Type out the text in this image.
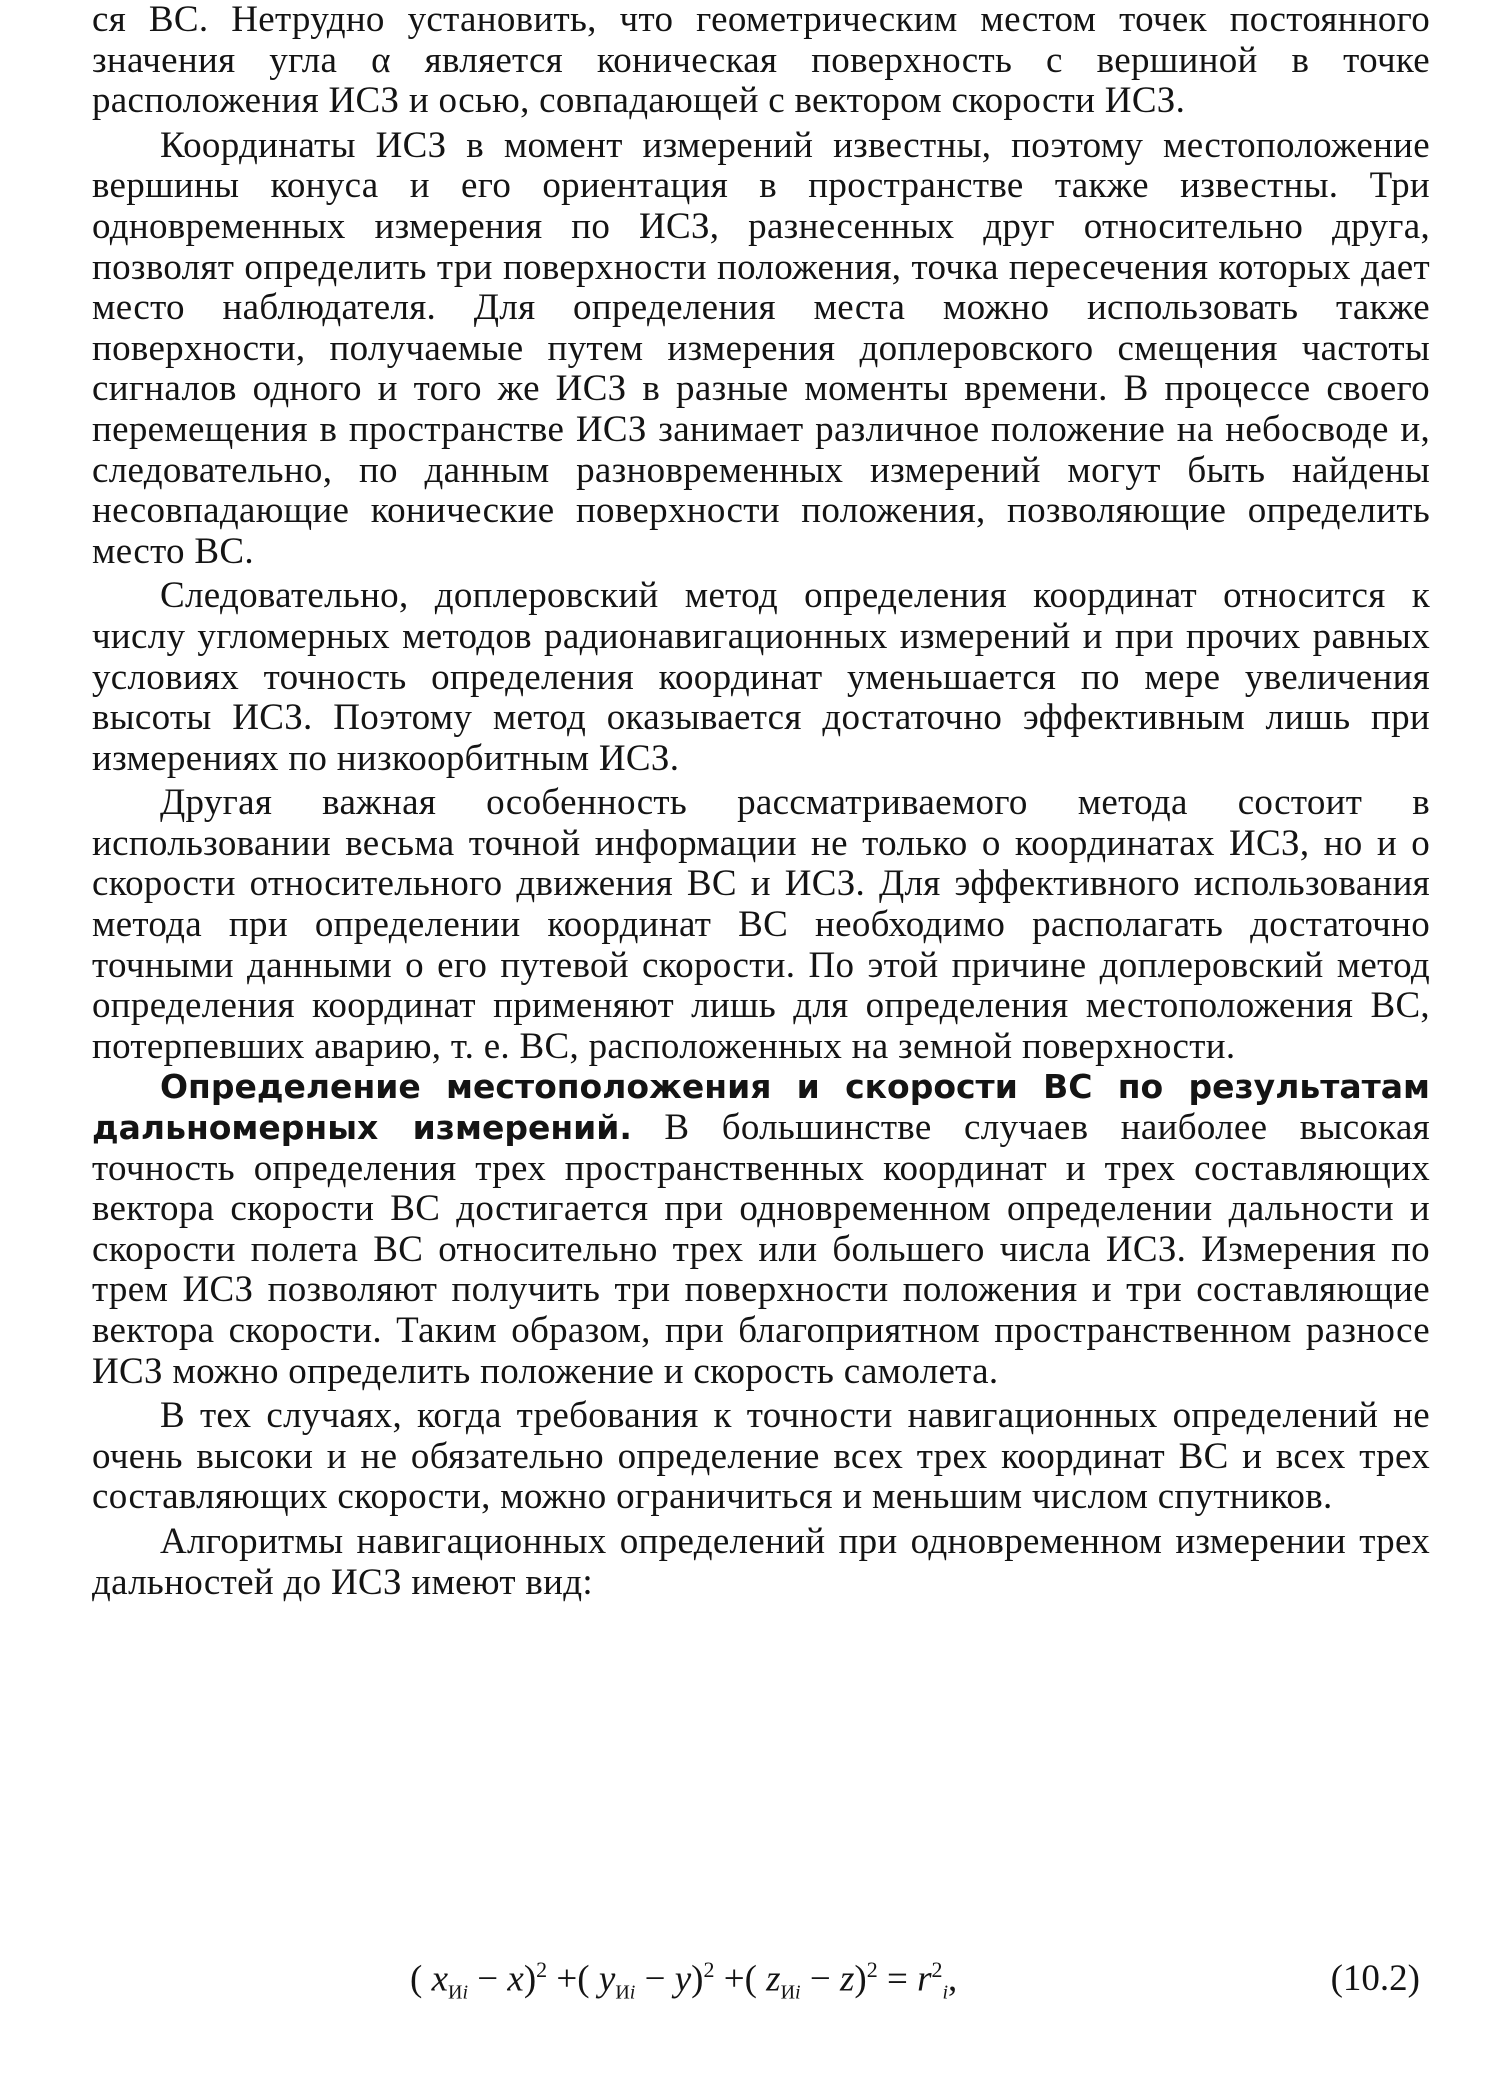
ся ВС. Нетрудно установить, что геометрическим местом точек постоянного значения угла α является коническая поверхность с вершиной в точке расположения ИСЗ и осью, совпадающей с вектором скорости ИСЗ.

Координаты ИСЗ в момент измерений известны, поэтому местоположение вершины конуса и его ориентация в пространстве также известны. Три одновременных измерения по ИСЗ, разнесенных друг относительно друга, позволят определить три поверхности положения, точка пересечения которых дает место наблюдателя. Для определения места можно использовать также поверхности, получаемые путем измерения доплеровского смещения частоты сигналов одного и того же ИСЗ в разные моменты времени. В процессе своего перемещения в пространстве ИСЗ занимает различное положение на небосводе и, следовательно, по данным разновременных измерений могут быть найдены несовпадающие конические поверхности положения, позволяющие определить место ВС.

Следовательно, доплеровский метод определения координат относится к числу угломерных методов радионавигационных измерений и при прочих равных условиях точность определения координат уменьшается по мере увеличения высоты ИСЗ. Поэтому метод оказывается достаточно эффективным лишь при измерениях по низкоорбитным ИСЗ.

Другая важная особенность рассматриваемого метода состоит в использовании весьма точной информации не только о координатах ИСЗ, но и о скорости относительного движения ВС и ИСЗ. Для эффективного использования метода при определении координат ВС необходимо располагать достаточно точными данными о его путевой скорости. По этой причине доплеровский метод определения координат применяют лишь для определения местоположения ВС, потерпевших аварию, т. е. ВС, расположенных на земной поверхности.

Определение местоположения и скорости ВС по результатам дальномерных измерений. В большинстве случаев наиболее высокая точность определения трех пространственных координат и трех составляющих вектора скорости ВС достигается при одновременном определении дальности и скорости полета ВС относительно трех или большего числа ИСЗ. Измерения по трем ИСЗ позволяют получить три поверхности положения и три составляющие вектора скорости. Таким образом, при благоприятном пространственном разносе ИСЗ можно определить положение и скорость самолета.

В тех случаях, когда требования к точности навигационных определений не очень высоки и не обязательно определение всех трех координат ВС и всех трех составляющих скорости, можно ограничиться и меньшим числом спутников.

Алгоритмы навигационных определений при одновременном измерении трех дальностей до ИСЗ имеют вид:

( $x_{Иi} - x)^2$ +( $y_{Иi} - y)^2$ +( $z_{Иi} - z)^2 = r^2_i$,	(10.2)
